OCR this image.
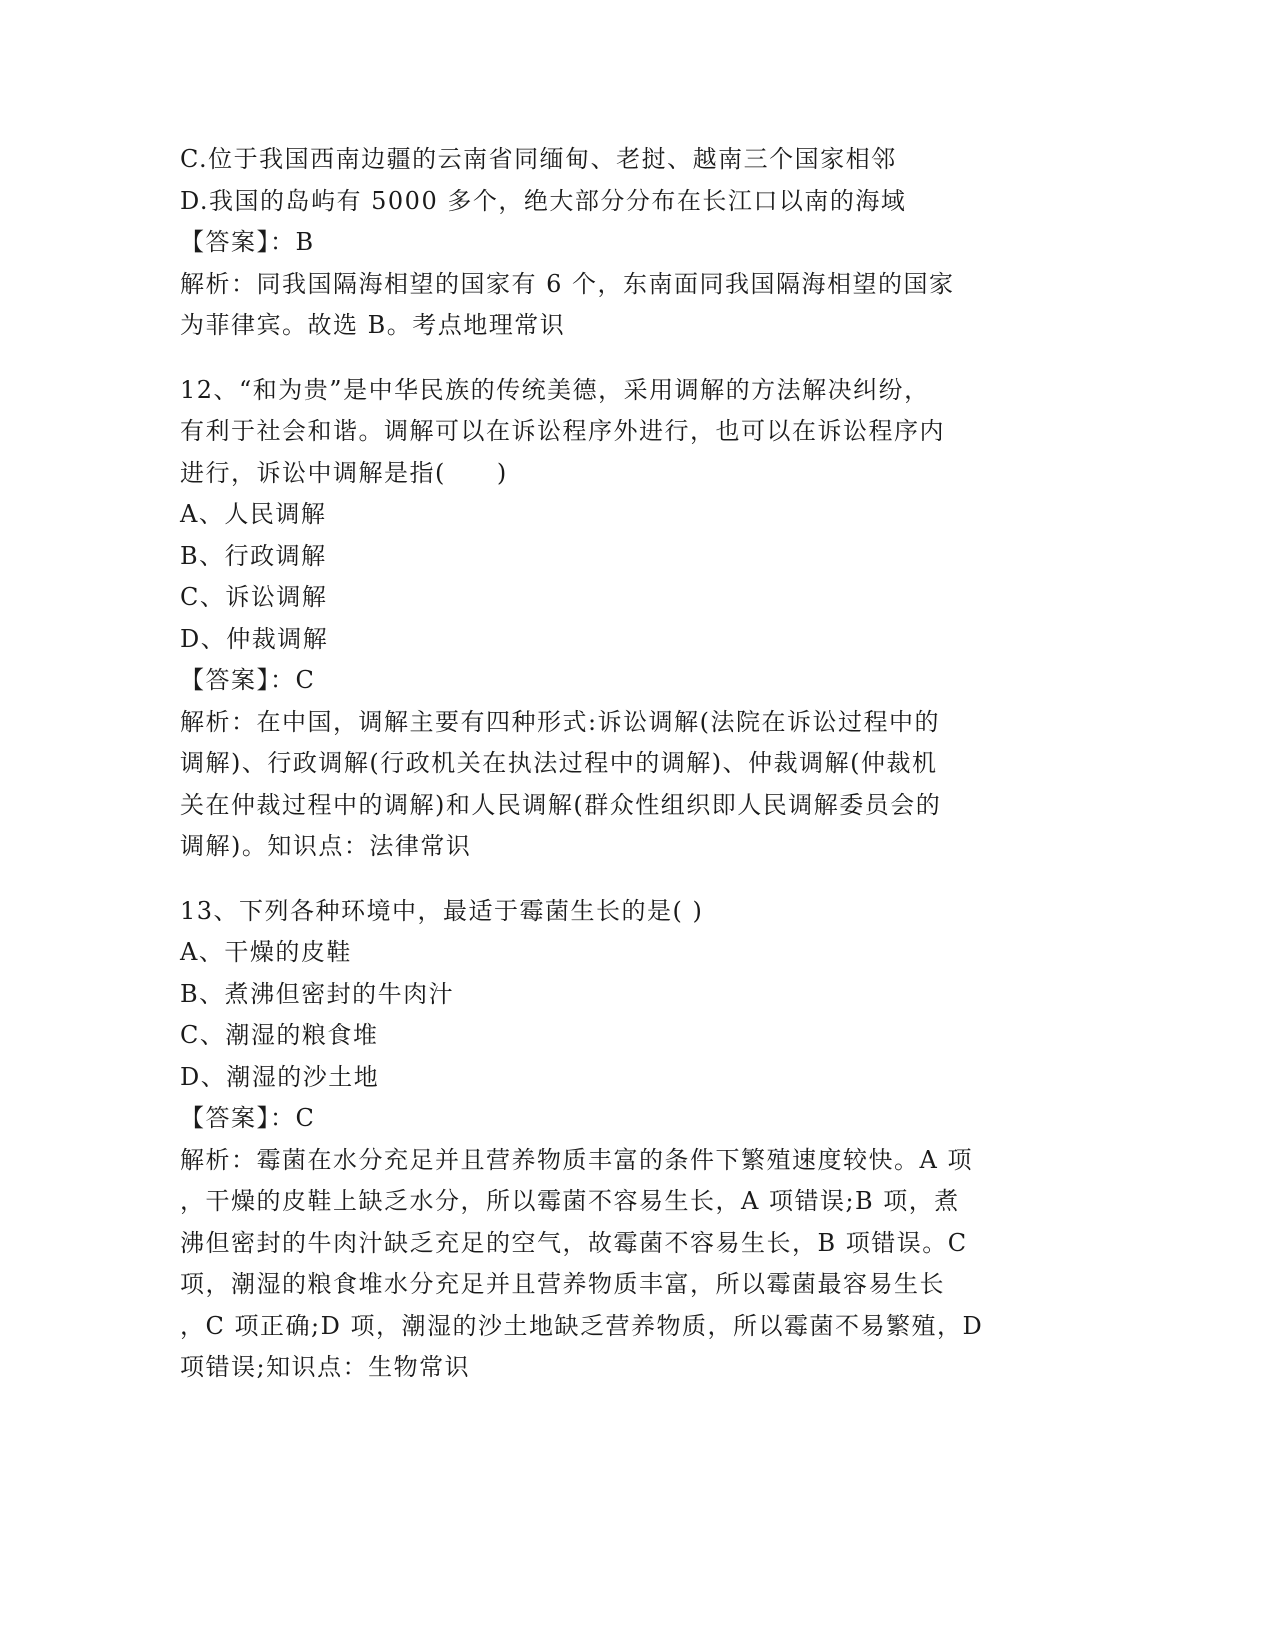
C.位于我国西南边疆的云南省同缅甸、老挝、越南三个国家相邻
D.我国的岛屿有 5000 多个，绝大部分分布在长江口以南的海域
【答案】：B
解析：同我国隔海相望的国家有 6 个，东南面同我国隔海相望的国家
为菲律宾。故选 B。考点地理常识
12、“和为贵”是中华民族的传统美德，采用调解的方法解决纠纷，
有利于社会和谐。调解可以在诉讼程序外进行，也可以在诉讼程序内
进行，诉讼中调解是指(　　)
A、人民调解
B、行政调解
C、诉讼调解
D、仲裁调解
【答案】：C
解析：在中国，调解主要有四种形式:诉讼调解(法院在诉讼过程中的
调解)、行政调解(行政机关在执法过程中的调解)、仲裁调解(仲裁机
关在仲裁过程中的调解)和人民调解(群众性组织即人民调解委员会的
调解)。知识点：法律常识
13、下列各种环境中，最适于霉菌生长的是( )
A、干燥的皮鞋
B、煮沸但密封的牛肉汁
C、潮湿的粮食堆
D、潮湿的沙土地
【答案】：C
解析：霉菌在水分充足并且营养物质丰富的条件下繁殖速度较快。A 项
，干燥的皮鞋上缺乏水分，所以霉菌不容易生长，A 项错误;B 项，煮
沸但密封的牛肉汁缺乏充足的空气，故霉菌不容易生长，B 项错误。C
项，潮湿的粮食堆水分充足并且营养物质丰富，所以霉菌最容易生长
，C 项正确;D 项，潮湿的沙土地缺乏营养物质，所以霉菌不易繁殖，D
项错误;知识点：生物常识
